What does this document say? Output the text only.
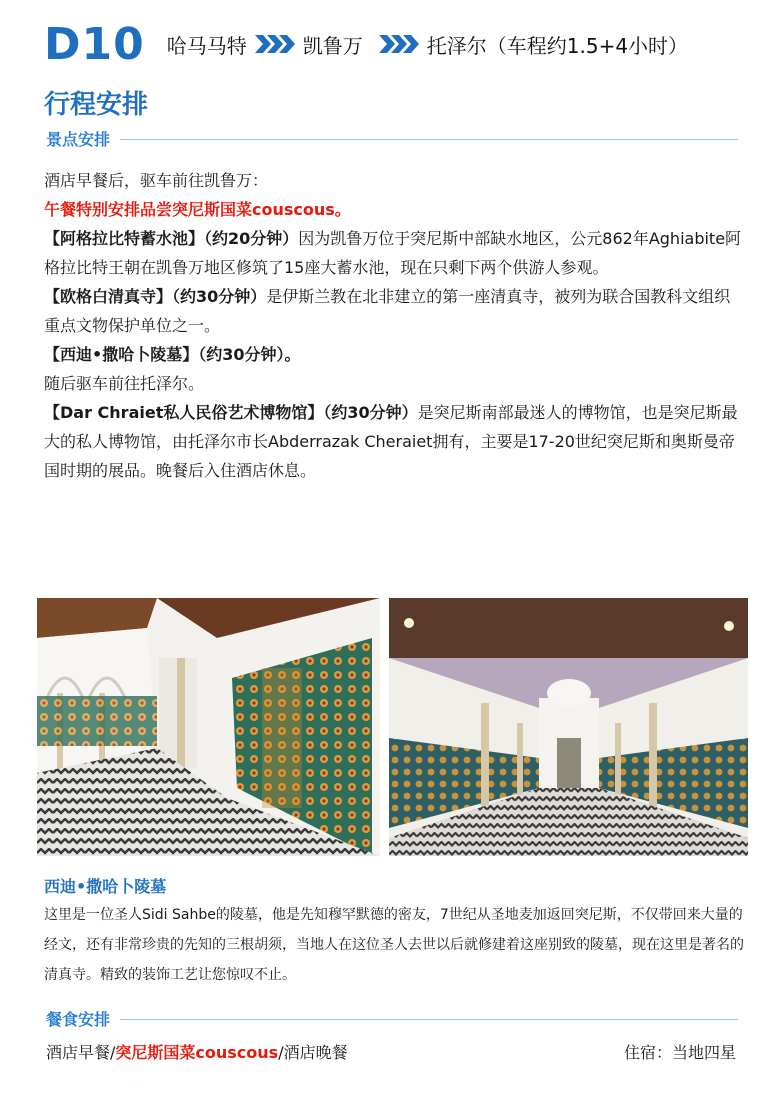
D10 哈马马特	凯鲁万	托泽尔 （车程约1.5+4小时）
行程安排
景点安排
酒店早餐后，驱车前往凯鲁万：
午餐特别安排品尝突尼斯国菜couscous。
【阿格拉比特蓄水池】（约20分钟）因为凯鲁万位于突尼斯中部缺水地区，公元862年Aghiabite阿格拉比特王朝在凯鲁万地区修筑了15座大蓄水池，现在只剩下两个供游人参观。
【欧格白清真寺】（约30分钟）是伊斯兰教在北非建立的第一座清真寺，被列为联合国教科文组织重点文物保护单位之一。
【西迪•撒哈卜陵墓】（约30分钟）。
随后驱车前往托泽尔。
【Dar Chraiet私人民俗艺术博物馆】（约30分钟）是突尼斯南部最迷人的博物馆，也是突尼斯最大的私人博物馆，由托泽尔市长Abderrazak Cheraiet拥有，主要是17-20世纪突尼斯和奥斯曼帝国时期的展品。晚餐后入住酒店休息。
西迪•撒哈卜陵墓
这里是一位圣人Sidi Sahbe的陵墓，他是先知穆罕默德的密友，7世纪从圣地麦加返回突尼斯，不仅带回来大量的经文，还有非常珍贵的先知的三根胡须，当地人在这位圣人去世以后就修建着这座别致的陵墓，现在这里是著名的清真寺。精致的装饰工艺让您惊叹不止。
餐食安排
酒店早餐/突尼斯国菜couscous/酒店晚餐	住宿：当地四星
